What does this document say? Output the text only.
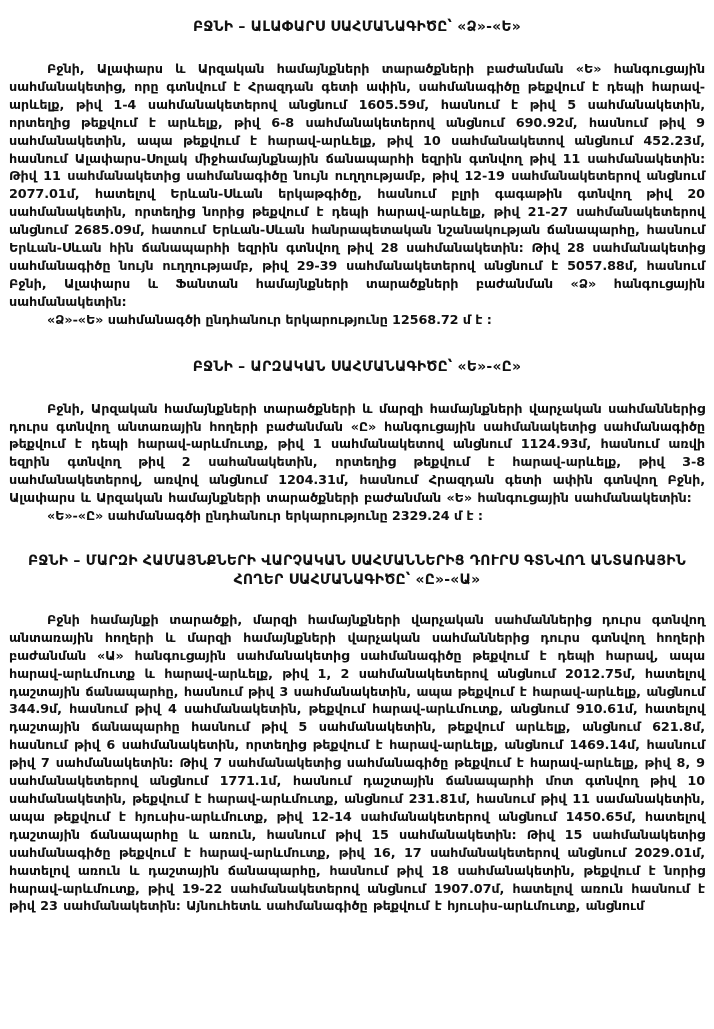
ԲՋՆԻ – ԱԼԱՓԱՐՍ ՍԱՀՄԱՆԱԳԻԾԸ՝ «Ձ»-«Ե»

Բջնի, Ալափարս և Արզական համայնքների տարածքների բաժանման «Ե» հանգուցային սահմանակետից, որը գտնվում է Հրազդան գետի ափին, սահմանագիծը թեքվում է դեպի հարավ-արևելք, թիվ 1-4 սահմանակետերով անցնում 1605.59մ, հասնում է թիվ 5 սահմանակետին, որտեղից թեքվում է արևելք, թիվ 6-8 սահմանակետերով անցնում 690.92մ, հասնում թիվ 9 սահմանակետին, ապա թեքվում է հարավ-արևելք, թիվ 10 սահմանակետով անցնում 452.23մ, հասնում Ալափարս-Սոլակ միջհամայնքնային ճանապարհի եզրին գտնվող թիվ 11 սահմանակետին: Թիվ 11 սահմանակետից սահմանագիծը նույն ուղղությամբ, թիվ 12-19 սահմանակետերով անցնում 2077.01մ, հատելով Երևան-Սևան երկաթգիծը, հասնում բլրի գագաթին գտնվող թիվ 20 սահմանակետին, որտեղից նորից թեքվում է դեպի հարավ-արևելք, թիվ 21-27 սահմանակետերով անցնում 2685.09մ, հատում Երևան-Սևան հանրապետական նշանակության ճանապարհը, հասնում Երևան-Սևան հին ճանապարհի եզրին գտնվող թիվ 28 սահմանակետին: Թիվ 28 սահմանակետից սահմանագիծը նույն ուղղությամբ, թիվ 29-39 սահմանակետերով անցնում է 5057.88մ, հասնում Բջնի, Ալափարս և Ֆանտան համայնքների տարածքների բաժանման «Ձ» հանգուցային սահմանակետին:

«Ձ»-«Ե» սահմանագծի ընդհանուր երկարությունը 12568.72 մ է :

ԲՋՆԻ – ԱՐԶԱԿԱՆ ՍԱՀՄԱՆԱԳԻԾԸ՝ «Ե»-«Ը»

Բջնի, Արզական համայնքների տարածքների և մարզի համայնքների վարչական սահմաններից դուրս գտնվող անտառային հողերի բաժանման «Ը» հանգուցային սահմանակետից սահմանագիծը թեքվում է դեպի հարավ-արևմուտք, թիվ 1 սահմանակետով անցնում 1124.93մ, հասնում առվի եզրին գտնվող թիվ 2 սահանակետին, որտեղից թեքվում է հարավ-արևելք, թիվ 3-8 սահմանակետերով, առվով անցնում 1204.31մ, հասնում Հրազդան գետի ափին գտնվող Բջնի, Ալափարս և Արզական համայնքների տարածքների բաժանման «Ե» հանգուցային սահմանակետին:

«Ե»-«Ը» սահմանագծի ընդհանուր երկարությունը 2329.24 մ է :

ԲՋՆԻ – ՄԱՐԶԻ ՀԱՄԱՅՆՔՆԵՐԻ ՎԱՐՉԱԿԱՆ ՍԱՀՄԱՆՆԵՐԻՑ ԴՈՒՐՍ ԳՏՆՎՈՂ ԱՆՏԱՌԱՅԻՆ ՀՈՂԵՐ ՍԱՀՄԱՆԱԳԻԾԸ՝ «Ը»-«Ա»

Բջնի համայնքի տարածքի, մարզի համայնքների վարչական սահմաններից դուրս գտնվող անտառային հողերի և մարզի համայնքների վարչական սահմաններից դուրս գտնվող հողերի բաժանման «Ա» հանգուցային սահմանակետից սահմանագիծը թեքվում է դեպի հարավ, ապա հարավ-արևմուտք և հարավ-արևելք, թիվ 1, 2 սահմանակետերով անցնում 2012.75մ, հատելով դաշտային ճանապարհը, հասնում թիվ 3 սահմանակետին, ապա թեքվում է հարավ-արևելք, անցնում 344.9մ, հասնում թիվ 4 սահմանակետին, թեքվում հարավ-արևմուտք, անցնում 910.61մ, հատելով դաշտային ճանապարհը հասնում թիվ 5 սահմանակետին, թեքվում արևելք, անցնում 621.8մ, հասնում թիվ 6 սահմանակետին, որտեղից թեքվում է հարավ-արևելք, անցնում 1469.14մ, հասնում թիվ 7 սահմանակետին: Թիվ 7 սահմանակետից սահմանագիծը թեքվում է հարավ-արևելք, թիվ 8, 9 սահմանակետերով անցնում 1771.1մ, հասնում դաշտային ճանապարհի մոտ գտնվող թիվ 10 սահմանակետին, թեքվում է հարավ-արևմուտք, անցնում 231.81մ, հասնում թիվ 11 սամանակետին, ապա թեքվում է հյուսիս-արևմուտք, թիվ 12-14 սահմանակետերով անցնում 1450.65մ, հատելով դաշտային ճանապարհը և առուն, հասնում թիվ 15 սահմանակետին: Թիվ 15 սահմանակետից սահմանագիծը թեքվում է հարավ-արևմուտք, թիվ 16, 17 սահմանակետերով անցնում 2029.01մ, հատելով առուն և դաշտային ճանապարհը, հասնում թիվ 18 սահմանակետին, թեքվում է նորից հարավ-արևմուտք, թիվ 19-22 սահմանակետերով անցնում 1907.07մ, հատելով առուն հասնում է թիվ 23 սահմանակետին: Այնուհետև սահմանագիծը թեքվում է հյուսիս-արևմուտք, անցնում
